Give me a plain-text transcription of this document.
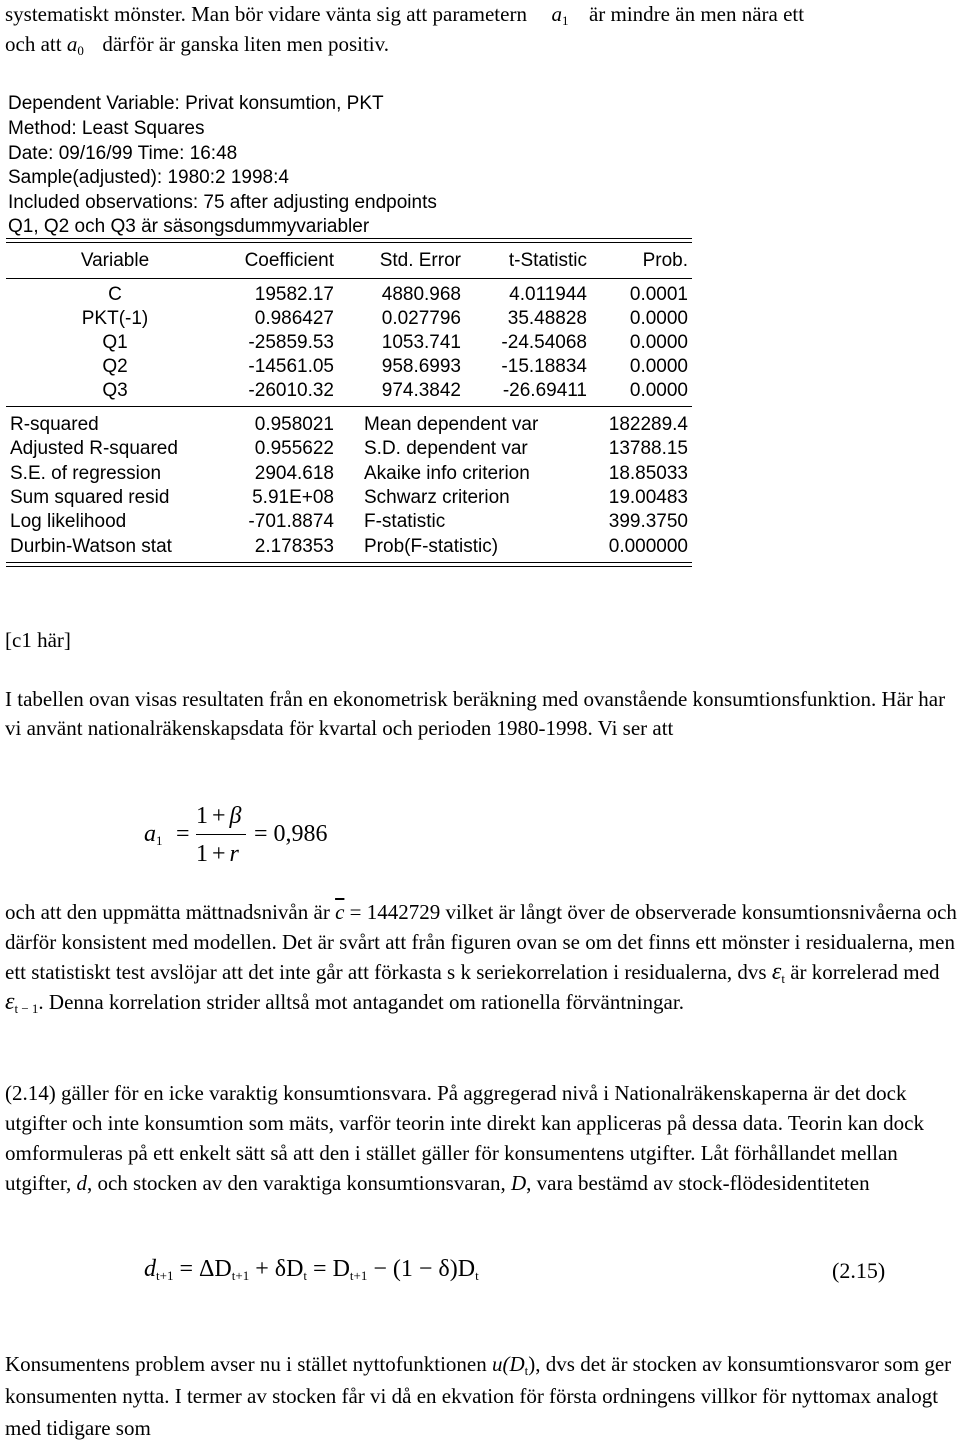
systematiskt mönster. Man bör vidare vänta sig att parametern $a_1$ är mindre än men nära ett
och att $a_0$ därför är ganska liten men positiv.
Dependent Variable: Privat konsumtion, PKT
Method: Least Squares
Date: 09/16/99 Time: 16:48
Sample(adjusted): 1980:2 1998:4
Included observations: 75 after adjusting endpoints
Q1, Q2 och Q3 är säsongsdummyvariabler
Variable	Coefficient	Std. Error	t-Statistic	Prob.
C	19582.17	4880.968	4.011944	0.0001
PKT(-1)	0.986427	0.027796	35.48828	0.0000
Q1	-25859.53	1053.741	-24.54068	0.0000
Q2	-14561.05	958.6993	-15.18834	0.0000
Q3	-26010.32	974.3842	-26.69411	0.0000
R-squared	0.958021 Mean dependent var	182289.4
Adjusted R-squared	0.955622 S.D. dependent var	13788.15
S.E. of regression	2904.618 Akaike info criterion	18.85033
Sum squared resid	5.91E+08 Schwarz criterion	19.00483
Log likelihood	-701.8874 F-statistic	399.3750
Durbin-Watson stat	2.178353 Prob(F-statistic)	0.000000
[c1 här]
I tabellen ovan visas resultaten från en ekonometrisk beräkning med ovanstående konsumtionsfunktion. Här har vi använt nationalräkenskapsdata för kvartal och perioden 1980-1998. Vi ser att
$a_1$ =
1 + β
1 + r
= 0,986
och att den uppmätta mättnadsnivån är $\overline{c} = 1442729$ vilket är långt över de observerade konsumtionsnivåerna och därför konsistent med modellen. Det är svårt att från figuren ovan se om det finns ett mönster i residualerna, men ett statistiskt test avslöjar att det inte går att förkasta s k seriekorrelation i residualerna, dvs $\varepsilon_t$ är korrelerad med $\varepsilon_{t - 1}$. Denna korrelation strider alltså mot antagandet om rationella förväntningar.
(2.14) gäller för en icke varaktig konsumtionsvara. På aggregerad nivå i Nationalräkenskaperna är det dock utgifter och inte konsumtion som mäts, varför teorin inte direkt kan appliceras på dessa data. Teorin kan dock omformuleras på ett enkelt sätt så att den i stället gäller för konsumentens utgifter. Låt förhållandet mellan utgifter, d, och stocken av den varaktiga konsumtionsvaran, D, vara bestämd av stock-flödesidentiteten
$d_{t+1} = \Delta D_{t+1} + \delta D_t = D_{t+1} - (1 - \delta)D_t$	(2.15)
Konsumentens problem avser nu i stället nyttofunktionen $u(D_t)$, dvs det är stocken av konsumtionsvaror som ger konsumenten nytta. I termer av stocken får vi då en ekvation för första ordningens villkor för nyttomax analogt med tidigare som
